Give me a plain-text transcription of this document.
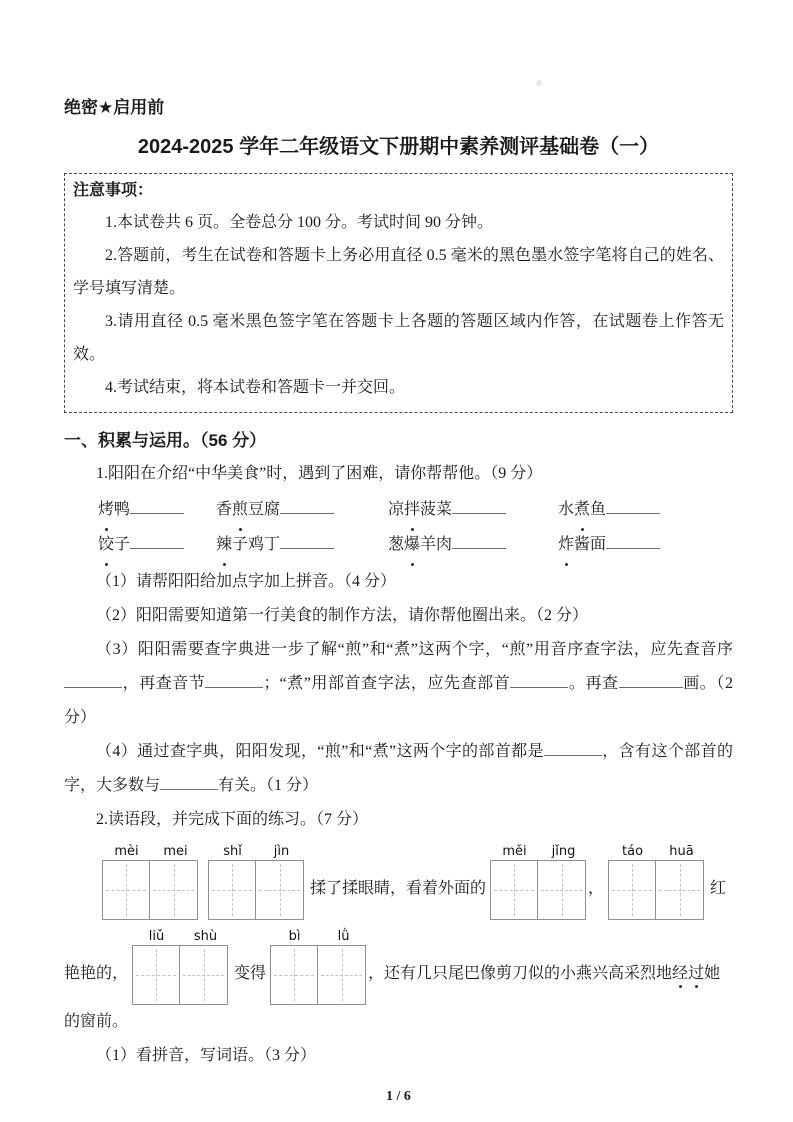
绝密★启用前
2024-2025 学年二年级语文下册期中素养测评基础卷（一）
注意事项：

1.本试卷共 6 页。全卷总分 100 分。考试时间 90 分钟。

2.答题前，考生在试卷和答题卡上务必用直径 0.5 毫米的黑色墨水签字笔将自己的姓名、学号填写清楚。

3.请用直径 0.5 毫米黑色签字笔在答题卡上各题的答题区域内作答，在试题卷上作答无效。

4.考试结束，将本试卷和答题卡一并交回。

一、积累与运用。（56 分）

1.阳阳在介绍“中华美食”时，遇到了困难，请你帮帮他。（9 分）

烤鸭	香煎豆腐	凉拌菠菜	水煮鱼
饺子	辣子鸡丁	葱爆羊肉	炸酱面

（1）请帮阳阳给加点字加上拼音。（4 分）

（2）阳阳需要知道第一行美食的制作方法，请你帮他圈出来。（2 分）

（3）阳阳需要查字典进一步了解“煎”和“煮”这两个字，“煎”用音序查字法，应先查音序，再查音节	；“煮”用部首查字法，应先查部首	。再查	画。（2 分）

（4）通过查字典，阳阳发现，“煎”和“煮”这两个字的部首都是	，含有这个部首的字，大多数与	有关。（1 分）

2.读语段，并完成下面的练习。（7 分）

mèi	mei	shǐ	jìn
揉了揉眼睛，看着外面的
měi	jǐng
，
táo	huā
红
艳艳的，
liǔ	shù
变得
bì	lǜ
，还有几只尾巴像剪刀似的小燕兴高采烈地经过她

的窗前。

（1）看拼音，写词语。（3 分）

1 / 6
